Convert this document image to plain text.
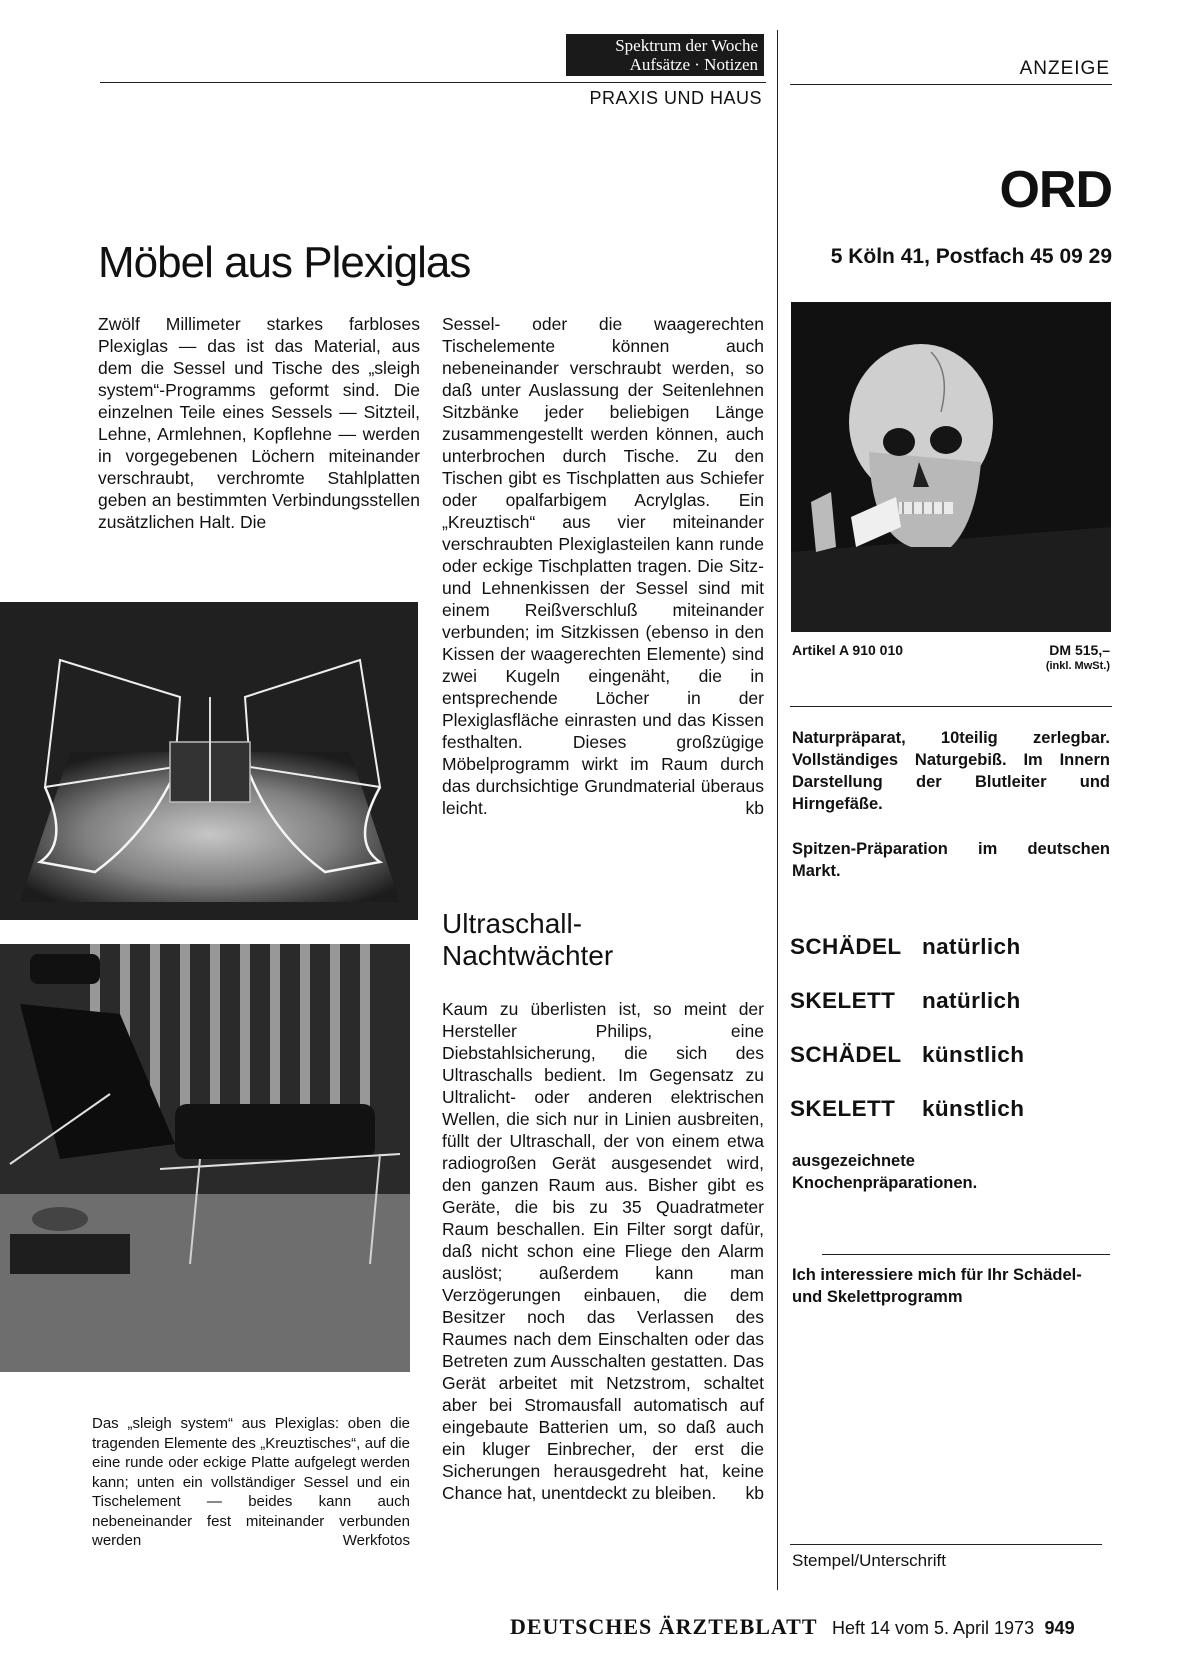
Spektrum der Woche
Aufsätze · Notizen
PRAXIS UND HAUS
ANZEIGE
Möbel aus Plexiglas

Zwölf Millimeter starkes farbloses Plexiglas — das ist das Material, aus dem die Sessel und Tische des „sleigh system“-Programms geformt sind. Die einzelnen Teile eines Sessels — Sitzteil, Lehne, Armlehnen, Kopflehne — werden in vorgegebenen Löchern miteinander verschraubt, verchromte Stahlplatten geben an bestimmten Verbindungsstellen zusätzlichen Halt. Die

Sessel- oder die waagerechten Tischelemente können auch nebeneinander verschraubt werden, so daß unter Auslassung der Seitenlehnen Sitzbänke jeder beliebigen Länge zusammengestellt werden können, auch unterbrochen durch Tische. Zu den Tischen gibt es Tischplatten aus Schiefer oder opalfarbigem Acrylglas. Ein „Kreuztisch“ aus vier miteinander verschraubten Plexiglasteilen kann runde oder eckige Tischplatten tragen. Die Sitz- und Lehnenkissen der Sessel sind mit einem Reißverschluß miteinander verbunden; im Sitzkissen (ebenso in den Kissen der waagerechten Elemente) sind zwei Kugeln eingenäht, die in entsprechende Löcher in der Plexiglasfläche einrasten und das Kissen festhalten. Dieses großzügige Möbelprogramm wirkt im Raum durch das durchsichtige Grundmaterial überaus leicht.	kb

Das „sleigh system“ aus Plexiglas: oben die tragenden Elemente des „Kreuztisches“, auf die eine runde oder eckige Platte aufgelegt werden kann; unten ein vollständiger Sessel und ein Tischelement — beides kann auch nebeneinander fest miteinander verbunden werden	Werkfotos
Ultraschall-
Nachtwächter

Kaum zu überlisten ist, so meint der Hersteller Philips, eine Diebstahlsicherung, die sich des Ultraschalls bedient. Im Gegensatz zu Ultralicht- oder anderen elektrischen Wellen, die sich nur in Linien ausbreiten, füllt der Ultraschall, der von einem etwa radiogroßen Gerät ausgesendet wird, den ganzen Raum aus. Bisher gibt es Geräte, die bis zu 35 Quadratmeter Raum beschallen. Ein Filter sorgt dafür, daß nicht schon eine Fliege den Alarm auslöst; außerdem kann man Verzögerungen einbauen, die dem Besitzer noch das Verlassen des Raumes nach dem Einschalten oder das Betreten zum Ausschalten gestatten. Das Gerät arbeitet mit Netzstrom, schaltet aber bei Stromausfall automatisch auf eingebaute Batterien um, so daß auch ein kluger Einbrecher, der erst die Sicherungen herausgedreht hat, keine Chance hat, unentdeckt zu bleiben.	kb
ORD
5 Köln 41, Postfach 45 09 29
Artikel A 910 010	DM 515,–
(inkl. MwSt.)

Naturpräparat, 10teilig zerlegbar. Vollständiges Naturgebiß. Im Innern Darstellung der Blutleiter und Hirngefäße.

Spitzen-Präparation im deutschen Markt.

SCHÄDEL natürlich
SKELETT	natürlich
SCHÄDEL künstlich
SKELETT	künstlich

ausgezeichnete Knochenpräparationen.

Ich interessiere mich für Ihr Schädel- und Skelettprogramm

Stempel/Unterschrift
DEUTSCHES ÄRZTEBLATT Heft 14 vom 5. April 1973 949
